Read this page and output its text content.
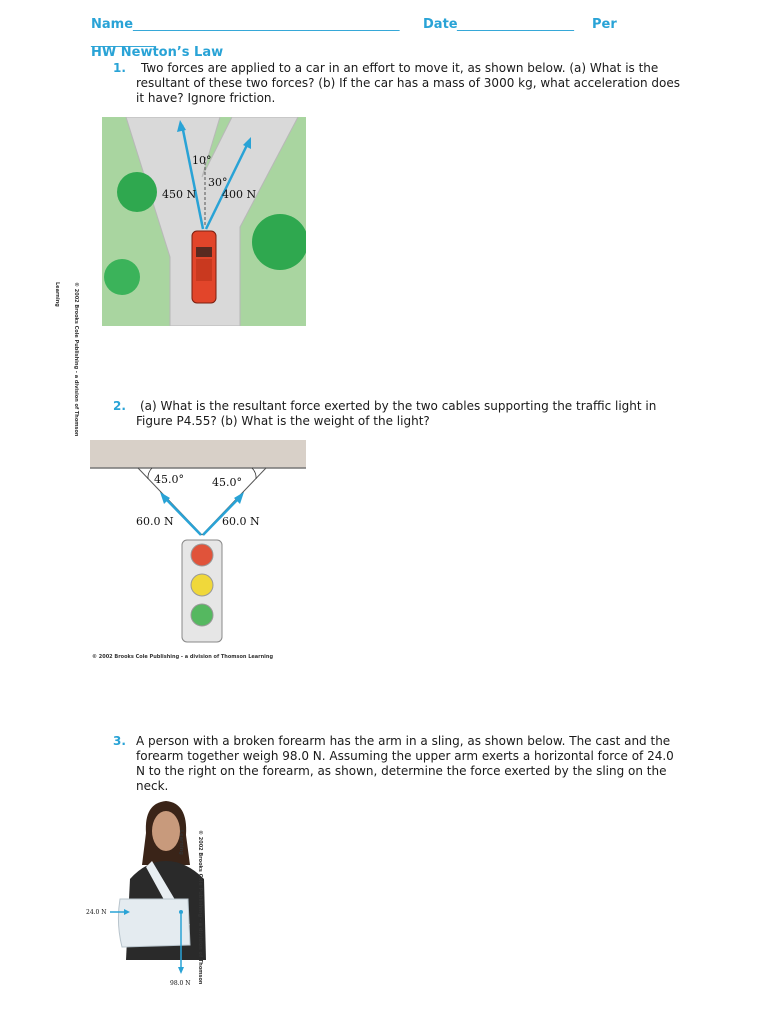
Name _________________________________________ Date __________________ Per
__________
HW Newton’s Law
1.	Two forces are applied to a car in an effort to move it, as shown below. (a) What is the
resultant of these two forces? (b) If the car has a mass of 3000 kg, what acceleration does
it have? Ignore friction.
© 2002 Brooks Cole Publishing - a division of Thomson Learning
10°
30°
450 N 400 N
2.	(a) What is the resultant force exerted by the two cables supporting the traffic light in
Figure P4.55? (b) What is the weight of the light?
45.0°	45.0°
60.0 N	60.0 N
© 2002 Brooks Cole Publishing - a division of Thomson Learning
3. A person with a broken forearm has the arm in a sling, as shown below. The cast and the
forearm together weigh 98.0 N. Assuming the upper arm exerts a horizontal force of 24.0
N to the right on the forearm, as shown, determine the force exerted by the sling on the
neck.
24.0 N
98.0 N © 2002 Brooks Cole Publishing - a division of Thomson Learning
